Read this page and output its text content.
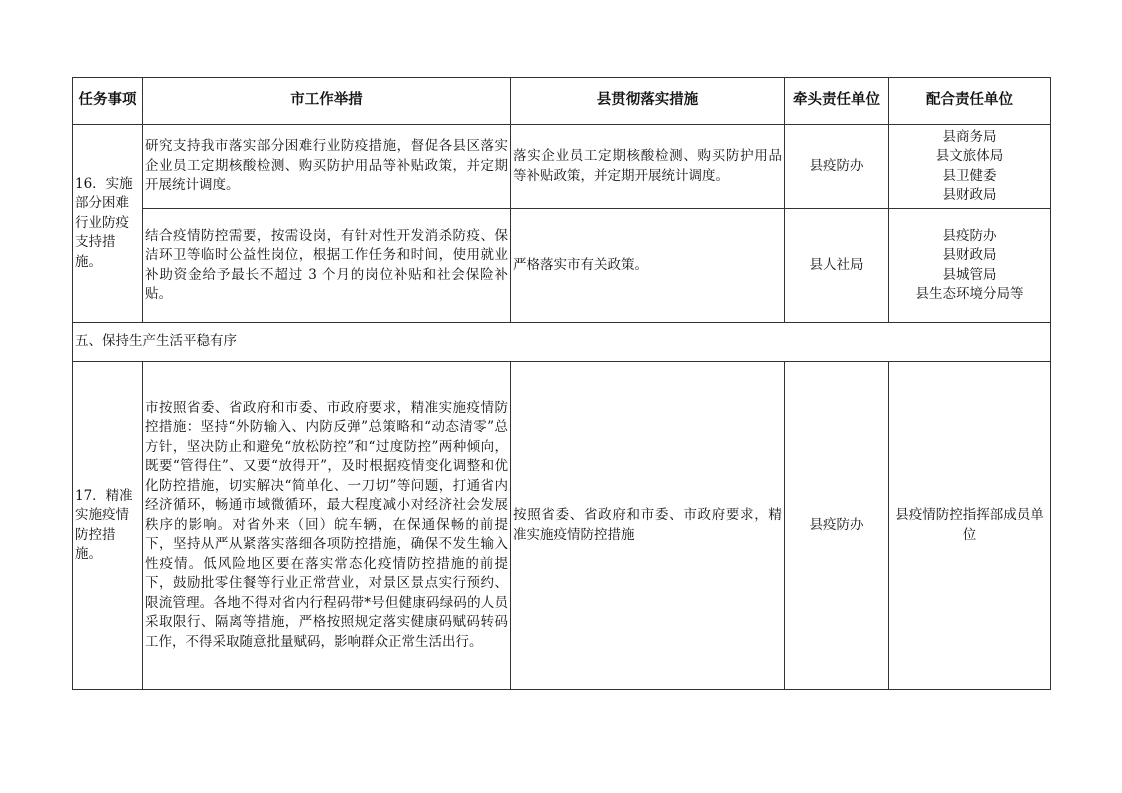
任务事项	市工作举措	县贯彻落实措施	牵头责任单位	配合责任单位
16．实施部分困难行业防疫支持措施。	研究支持我市落实部分困难行业防疫措施，督促各县区落实企业员工定期核酸检测、购买防护用品等补贴政策，并定期开展统计调度。	落实企业员工定期核酸检测、购买防护用品等补贴政策，并定期开展统计调度。	县疫防办	县商务局
县文旅体局
县卫健委
县财政局

	结合疫情防控需要，按需设岗，有针对性开发消杀防疫、保洁环卫等临时公益性岗位，根据工作任务和时间，使用就业补助资金给予最长不超过 3 个月的岗位补贴和社会保险补贴。	严格落实市有关政策。	县人社局	县疫防办
县财政局
县城管局
县生态环境分局等

五、保持生产生活平稳有序				
17．精准实施疫情防控措施。	市按照省委、省政府和市委、市政府要求，精准实施疫情防控措施：坚持“外防输入、内防反弹”总策略和“动态清零”总方针，坚决防止和避免“放松防控”和“过度防控”两种倾向，既要“管得住”、又要“放得开”，及时根据疫情变化调整和优化防控措施，切实解决“简单化、一刀切”等问题，打通省内经济循环，畅通市域微循环，最大程度减小对经济社会发展秩序的影响。对省外来（回）皖车辆，在保通保畅的前提下，坚持从严从紧落实落细各项防控措施，确保不发生输入性疫情。低风险地区要在落实常态化疫情防控措施的前提下，鼓励批零住餐等行业正常营业，对景区景点实行预约、限流管理。各地不得对省内行程码带*号但健康码绿码的人员采取限行、隔离等措施，严格按照规定落实健康码赋码转码工作，不得采取随意批量赋码，影响群众正常生活出行。	按照省委、省政府和市委、市政府要求，精准实施疫情防控措施	县疫防办	县疫情防控指挥部成员单位
